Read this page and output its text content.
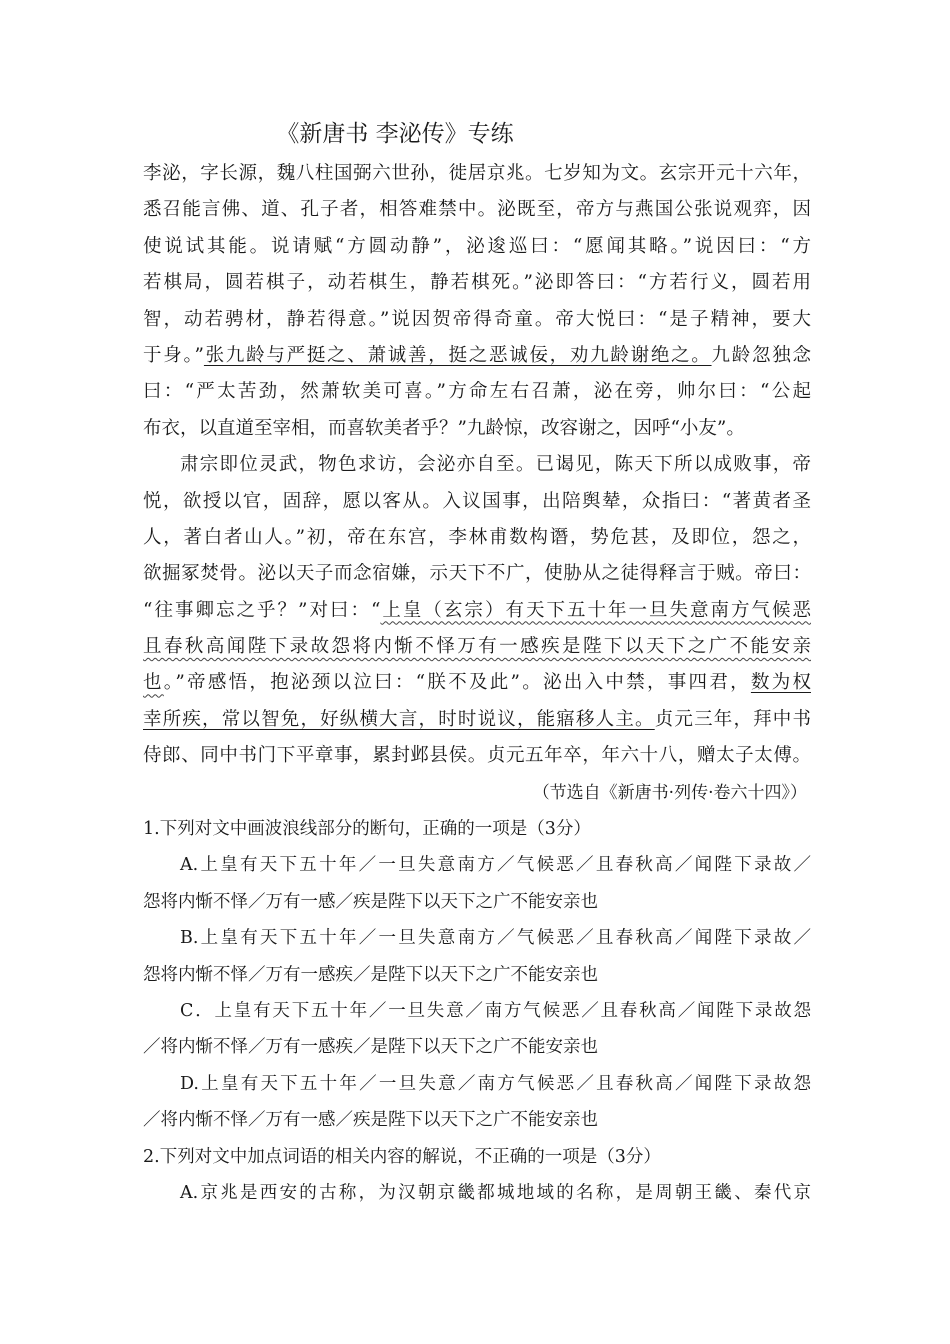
《新唐书 李泌传》专练
李泌，字长源，魏八柱国弼六世孙，徙居京兆。七岁知为文。玄宗开元十六年，
悉召能言佛、道、孔子者，相答难禁中。泌既至，帝方与燕国公张说观弈，因
使说试其能。说请赋“方圆动静”，泌逡巡曰：“愿闻其略。”说因曰：“方
若棋局，圆若棋子，动若棋生，静若棋死。”泌即答曰：“方若行义，圆若用
智，动若骋材，静若得意。”说因贺帝得奇童。帝大悦曰：“是子精神，要大
于身。”张九龄与严挺之、萧诚善，挺之恶诚佞，劝九龄谢绝之。九龄忽独念
曰：“严太苦劲，然萧软美可喜。”方命左右召萧，泌在旁，帅尔曰：“公起
布衣，以直道至宰相，而喜软美者乎？”九龄惊，改容谢之，因呼“小友”。
肃宗即位灵武，物色求访，会泌亦自至。已谒见，陈天下所以成败事，帝
悦，欲授以官，固辞，愿以客从。入议国事，出陪舆辇，众指曰：“著黄者圣
人，著白者山人。”初，帝在东宫，李林甫数构谮，势危甚，及即位，怨之，
欲掘冢焚骨。泌以天子而念宿嫌，示天下不广，使胁从之徒得释言于贼。帝曰：
“往事卿忘之乎？”对曰：“上皇（玄宗）有天下五十年一旦失意南方气候恶
且春秋高闻陛下录故怨将内惭不怿万有一感疾是陛下以天下之广不能安亲
也。”帝感悟，抱泌颈以泣曰：“朕不及此”。泌出入中禁，事四君，数为权
幸所疾，常以智免，好纵横大言，时时说议，能寤移人主。贞元三年，拜中书
侍郎、同中书门下平章事，累封邺县侯。贞元五年卒，年六十八，赠太子太傅。
（节选自《新唐书·列传·卷六十四》）
1.下列对文中画波浪线部分的断句，正确的一项是（3分）
A.上皇有天下五十年／一旦失意南方／气候恶／且春秋高／闻陛下录故／
怨将内惭不怿／万有一感／疾是陛下以天下之广不能安亲也
B.上皇有天下五十年／一旦失意南方／气候恶／且春秋高／闻陛下录故／
怨将内惭不怿／万有一感疾／是陛下以天下之广不能安亲也
C．上皇有天下五十年／一旦失意／南方气候恶／且春秋高／闻陛下录故怨
／将内惭不怿／万有一感疾／是陛下以天下之广不能安亲也
D.上皇有天下五十年／一旦失意／南方气候恶／且春秋高／闻陛下录故怨
／将内惭不怿／万有一感／疾是陛下以天下之广不能安亲也
2.下列对文中加点词语的相关内容的解说，不正确的一项是（3分）
A.京兆是西安的古称，为汉朝京畿都城地域的名称，是周朝王畿、秦代京
